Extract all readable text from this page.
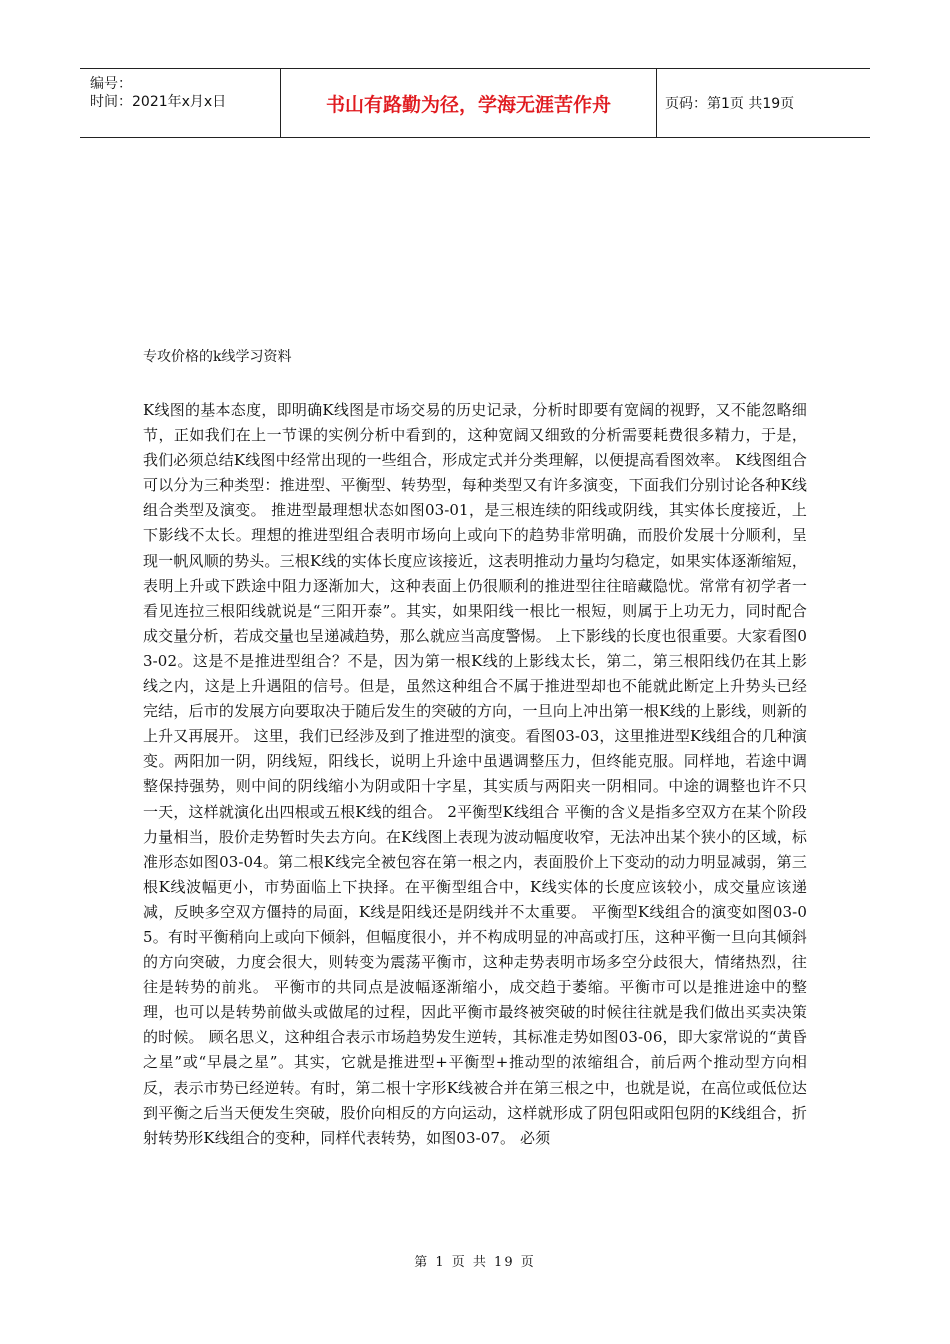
编号：
时间：2021年x月x日	书山有路勤为径，学海无涯苦作舟	页码：第1页 共19页
专攻价格的k线学习资料
K线图的基本态度，即明确K线图是市场交易的历史记录，分析时即要有宽阔的视野，又不能忽略细节，正如我们在上一节课的实例分析中看到的，这种宽阔又细致的分析需要耗费很多精力，于是，我们必须总结K线图中经常出现的一些组合，形成定式并分类理解，以便提高看图效率。 K线图组合可以分为三种类型：推进型、平衡型、转势型，每种类型又有许多演变，下面我们分别讨论各种K线组合类型及演变。 推进型最理想状态如图03-01，是三根连续的阳线或阴线，其实体长度接近，上下影线不太长。理想的推进型组合表明市场向上或向下的趋势非常明确，而股价发展十分顺利，呈现一帆风顺的势头。三根K线的实体长度应该接近，这表明推动力量均匀稳定，如果实体逐渐缩短，表明上升或下跌途中阻力逐渐加大，这种表面上仍很顺利的推进型往往暗藏隐忧。常常有初学者一看见连拉三根阳线就说是“三阳开泰”。其实，如果阳线一根比一根短，则属于上功无力，同时配合成交量分析，若成交量也呈递减趋势，那么就应当高度警惕。 上下影线的长度也很重要。大家看图03-02。这是不是推进型组合？不是，因为第一根K线的上影线太长，第二，第三根阳线仍在其上影线之内，这是上升遇阻的信号。但是，虽然这种组合不属于推进型却也不能就此断定上升势头已经完结，后市的发展方向要取决于随后发生的突破的方向，一旦向上冲出第一根K线的上影线，则新的上升又再展开。 这里，我们已经涉及到了推进型的演变。看图03-03，这里推进型K线组合的几种演变。两阳加一阴，阴线短，阳线长，说明上升途中虽遇调整压力，但终能克服。同样地，若途中调整保持强势，则中间的阴线缩小为阴或阳十字星，其实质与两阳夹一阴相同。中途的调整也许不只一天，这样就演化出四根或五根K线的组合。 2平衡型K线组合 平衡的含义是指多空双方在某个阶段力量相当，股价走势暂时失去方向。在K线图上表现为波动幅度收窄，无法冲出某个狭小的区域，标准形态如图03-04。第二根K线完全被包容在第一根之内，表面股价上下变动的动力明显减弱，第三根K线波幅更小，市势面临上下抉择。在平衡型组合中，K线实体的长度应该较小，成交量应该递减，反映多空双方僵持的局面，K线是阳线还是阴线并不太重要。 平衡型K线组合的演变如图03-05。有时平衡稍向上或向下倾斜，但幅度很小，并不构成明显的冲高或打压，这种平衡一旦向其倾斜的方向突破，力度会很大，则转变为震荡平衡市，这种走势表明市场多空分歧很大，情绪热烈，往往是转势的前兆。 平衡市的共同点是波幅逐渐缩小，成交趋于萎缩。平衡市可以是推进途中的整理，也可以是转势前做头或做尾的过程，因此平衡市最终被突破的时候往往就是我们做出买卖决策的时候。 顾名思义，这种组合表示市场趋势发生逆转，其标准走势如图03-06，即大家常说的“黄昏之星”或“早晨之星”。其实，它就是推进型+平衡型+推动型的浓缩组合，前后两个推动型方向相反，表示市势已经逆转。有时，第二根十字形K线被合并在第三根之中，也就是说，在高位或低位达到平衡之后当天便发生突破，股价向相反的方向运动，这样就形成了阴包阳或阳包阴的K线组合，折射转势形K线组合的变种，同样代表转势，如图03-07。 必须
第 1 页 共 19 页
